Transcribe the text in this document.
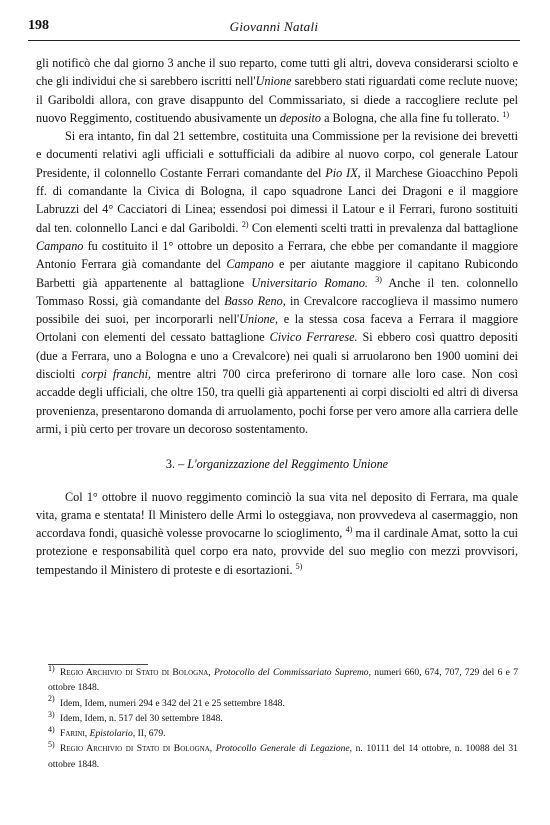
198	Giovanni Natali

gli notificò che dal giorno 3 anche il suo reparto, come tutti gli altri, doveva considerarsi sciolto e che gli individui che si sarebbero iscritti nell'Unione sarebbero stati riguardati come reclute nuove; il Gariboldi allora, con grave disappunto del Commissariato, si diede a raccogliere reclute pel nuovo Reggimento, costituendo abusivamente un deposito a Bologna, che alla fine fu tollerato. $^{1)}$

Si era intanto, fin dal 21 settembre, costituita una Commissione per la revisione dei brevetti e documenti relativi agli ufficiali e sottufficiali da adibire al nuovo corpo, col generale Latour Presidente, il colonnello Costante Ferrari comandante del Pio IX, il Marchese Gioacchino Pepoli ff. di comandante la Civica di Bologna, il capo squadrone Lanci dei Dragoni e il maggiore Labruzzi del 4° Cacciatori di Linea; essendosi poi dimessi il Latour e il Ferrari, furono sostituiti dal ten. colonnello Lanci e dal Gariboldi. $^{2)}$ Con elementi scelti tratti in prevalenza dal battaglione Campano fu costituito il 1° ottobre un deposito a Ferrara, che ebbe per comandante il maggiore Antonio Ferrara già comandante del Campano e per aiutante maggiore il capitano Rubicondo Barbetti già appartenente al battaglione Universitario Romano. $^{3)}$ Anche il ten. colonnello Tommaso Rossi, già comandante del Basso Reno, in Crevalcore raccoglieva il massimo numero possibile dei suoi, per incorporarli nell'Unione, e la stessa cosa faceva a Ferrara il maggiore Ortolani con elementi del cessato battaglione Civico Ferrarese. Si ebbero così quattro depositi (due a Ferrara, uno a Bologna e uno a Crevalcore) nei quali si arruolarono ben 1900 uomini dei disciolti corpi franchi, mentre altri 700 circa preferirono di tornare alle loro case. Non così accadde degli ufficiali, che oltre 150, tra quelli già appartenenti ai corpi disciolti ed altri di diversa provenienza, presentarono domanda di arruolamento, pochi forse per vero amore alla carriera delle armi, i più certo per trovare un decoroso sostentamento.

3. – L'organizzazione del Reggimento Unione

Col 1° ottobre il nuovo reggimento cominciò la sua vita nel deposito di Ferrara, ma quale vita, grama e stentata! Il Ministero delle Armi lo osteggiava, non provvedeva al casermaggio, non accordava fondi, quasichè volesse provocarne lo scioglimento, $^{4)}$ ma il cardinale Amat, sotto la cui protezione e responsabilità quel corpo era nato, provvide del suo meglio con mezzi provvisori, tempestando il Ministero di proteste e di esortazioni. $^{5)}$

1) Regio Archivio di Stato di Bologna, Protocollo del Commissariato Supremo, numeri 660, 674, 707, 729 del 6 e 7 ottobre 1848.

2) Idem, Idem, numeri 294 e 342 del 21 e 25 settembre 1848.

3) Idem, Idem, n. 517 del 30 settembre 1848.

4) Farini, Epistolario, II, 679.

5) Regio Archivio di Stato di Bologna, Protocollo Generale di Legazione, n. 10111 del 14 ottobre, n. 10088 del 31 ottobre 1848.
